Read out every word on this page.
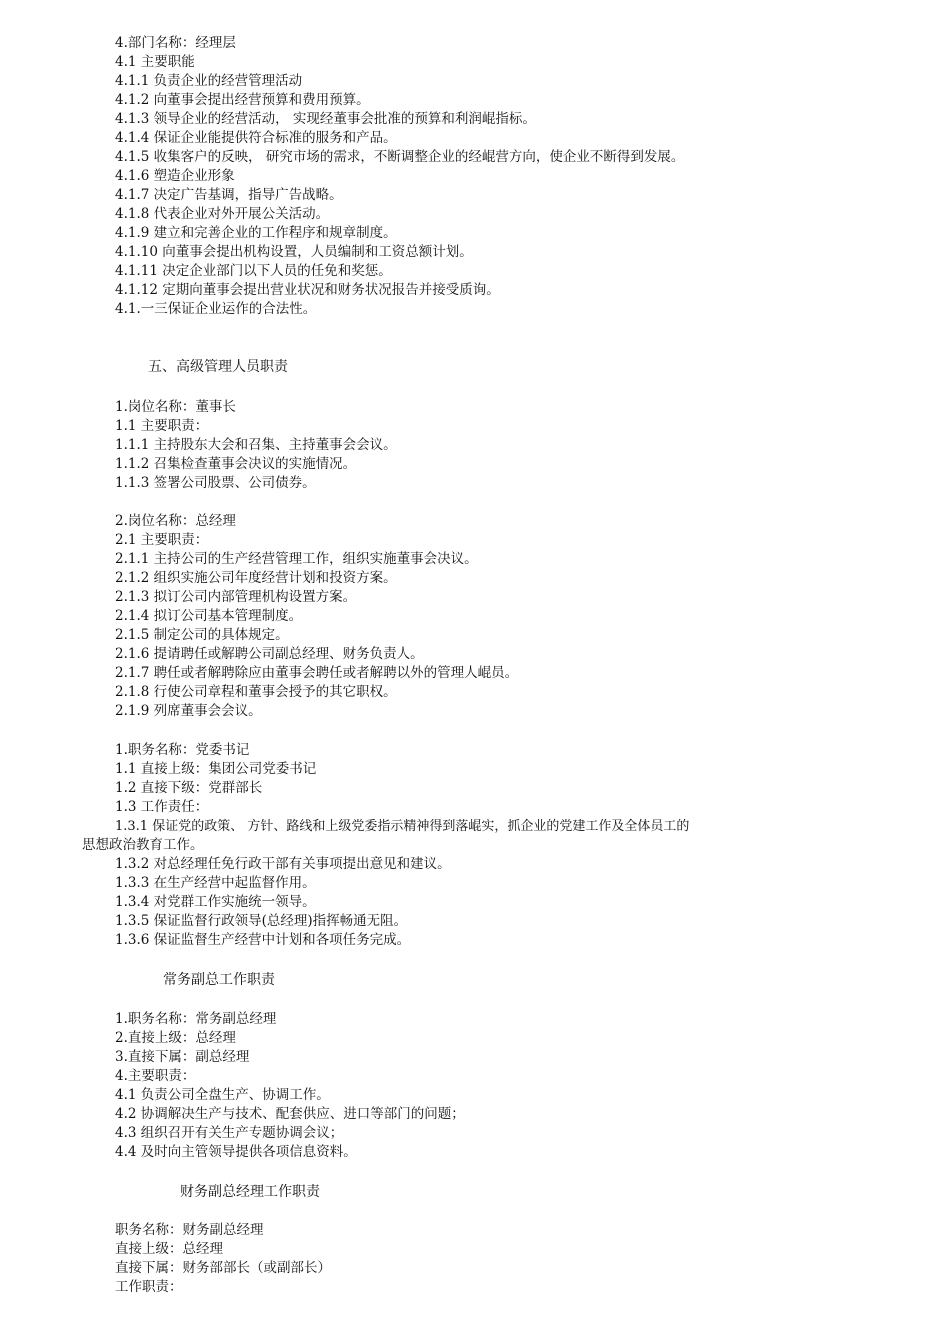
4.部门名称：经理层
4.1 主要职能
4.1.1 负责企业的经营管理活动
4.1.2 向董事会提出经营预算和费用预算。
4.1.3 领导企业的经营活动， 实现经董事会批准的预算和利润崐指标。
4.1.4 保证企业能提供符合标准的服务和产品。
4.1.5 收集客户的反映， 研究市场的需求，不断调整企业的经崐营方向，使企业不断得到发展。
4.1.6 塑造企业形象
4.1.7 决定广告基调，指导广告战略。
4.1.8 代表企业对外开展公关活动。
4.1.9 建立和完善企业的工作程序和规章制度。
4.1.10 向董事会提出机构设置，人员编制和工资总额计划。
4.1.11 决定企业部门以下人员的任免和奖惩。
4.1.12 定期向董事会提出营业状况和财务状况报告并接受质询。
4.1.一三保证企业运作的合法性。
五、高级管理人员职责
1.岗位名称：董事长
1.1 主要职责：
1.1.1 主持股东大会和召集、主持董事会会议。
1.1.2 召集检查董事会决议的实施情况。
1.1.3 签署公司股票、公司债券。
2.岗位名称：总经理
2.1 主要职责：
2.1.1 主持公司的生产经营管理工作，组织实施董事会决议。
2.1.2 组织实施公司年度经营计划和投资方案。
2.1.3 拟订公司内部管理机构设置方案。
2.1.4 拟订公司基本管理制度。
2.1.5 制定公司的具体规定。
2.1.6 提请聘任或解聘公司副总经理、财务负责人。
2.1.7 聘任或者解聘除应由董事会聘任或者解聘以外的管理人崐员。
2.1.8 行使公司章程和董事会授予的其它职权。
2.1.9 列席董事会会议。
1.职务名称：党委书记
1.1 直接上级：集团公司党委书记
1.2 直接下级：党群部长
1.3 工作责任：
1.3.1 保证党的政策、 方针、路线和上级党委指示精神得到落崐实，抓企业的党建工作及全体员工的
思想政治教育工作。
1.3.2 对总经理任免行政干部有关事项提出意见和建议。
1.3.3 在生产经营中起监督作用。
1.3.4 对党群工作实施统一领导。
1.3.5 保证监督行政领导(总经理)指挥畅通无阻。
1.3.6 保证监督生产经营中计划和各项任务完成。
常务副总工作职责
1.职务名称：常务副总经理
2.直接上级：总经理
3.直接下属：副总经理
4.主要职责：
4.1 负责公司全盘生产、协调工作。
4.2 协调解决生产与技术、配套供应、进口等部门的问题；
4.3 组织召开有关生产专题协调会议；
4.4 及时向主管领导提供各项信息资料。
财务副总经理工作职责
职务名称：财务副总经理
直接上级：总经理
直接下属：财务部部长（或副部长）
工作职责：
